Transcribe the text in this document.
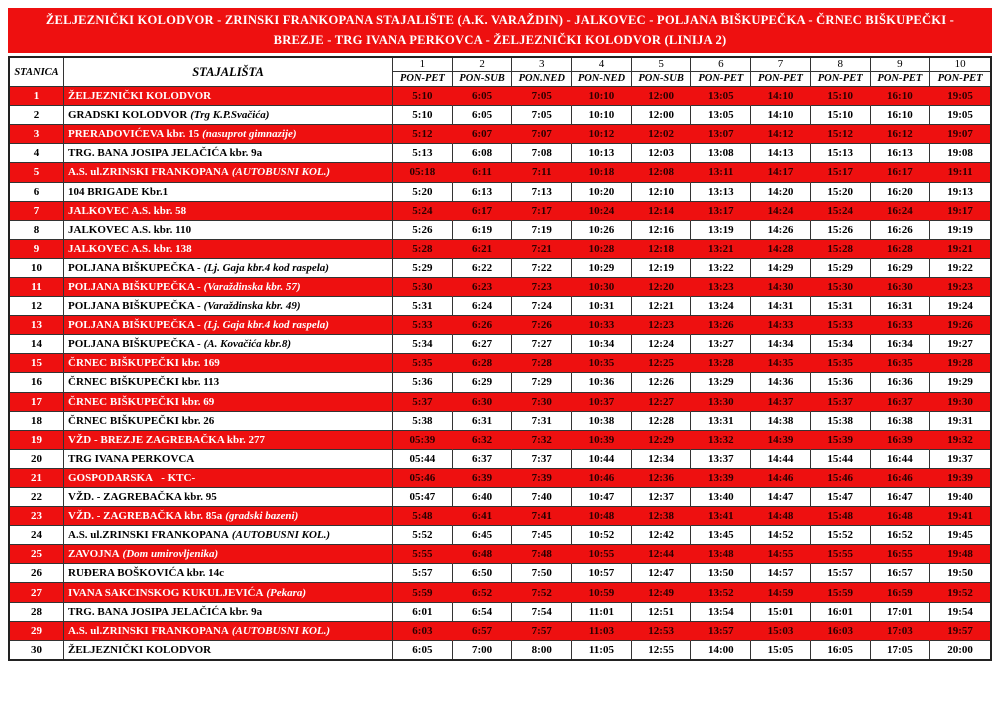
ŽELJEZNIČKI KOLODVOR - ZRINSKI FRANKOPANA STAJALIŠTE (A.K. VARAŽDIN) - JALKOVEC - POLJANA BIŠKUPEČKA - ČRNEC BIŠKUPEČKI - BREZJE - TRG IVANA PERKOVCA - ŽELJEZNIČKI KOLODVOR (LINIJA 2)
STANICA	STAJALIŠTA	1	2	3	4	5	6	7	8	9	10
		PON-PET	PON-SUB	PON.NED	PON-NED	PON-SUB	PON-PET	PON-PET	PON-PET	PON-PET	PON-PET
1	ŽELJEZNIČKI KOLODVOR	5:10	6:05	7:05	10:10	12:00	13:05	14:10	15:10	16:10	19:05
2	GRADSKI KOLODVOR (Trg K.P.Svačića)	5:10	6:05	7:05	10:10	12:00	13:05	14:10	15:10	16:10	19:05
3	PRERADOVIĆEVA kbr. 15 (nasuprot gimnazije)	5:12	6:07	7:07	10:12	12:02	13:07	14:12	15:12	16:12	19:07
4	TRG. BANA JOSIPA JELAČIĆA kbr. 9a	5:13	6:08	7:08	10:13	12:03	13:08	14:13	15:13	16:13	19:08
5	A.S. ul.ZRINSKI FRANKOPANA (AUTOBUSNI KOL.)	05:18	6:11	7:11	10:18	12:08	13:11	14:17	15:17	16:17	19:11
6	104 BRIGADE Kbr.1	5:20	6:13	7:13	10:20	12:10	13:13	14:20	15:20	16:20	19:13
7	JALKOVEC A.S. kbr. 58	5:24	6:17	7:17	10:24	12:14	13:17	14:24	15:24	16:24	19:17
8	JALKOVEC A.S. kbr. 110	5:26	6:19	7:19	10:26	12:16	13:19	14:26	15:26	16:26	19:19
9	JALKOVEC A.S. kbr. 138	5:28	6:21	7:21	10:28	12:18	13:21	14:28	15:28	16:28	19:21
10	POLJANA BIŠKUPEČKA - (Lj. Gaja kbr.4 kod raspela)	5:29	6:22	7:22	10:29	12:19	13:22	14:29	15:29	16:29	19:22
11	POLJANA BIŠKUPEČKA - (Varaždinska kbr. 57)	5:30	6:23	7:23	10:30	12:20	13:23	14:30	15:30	16:30	19:23
12	POLJANA BIŠKUPEČKA - (Varaždinska kbr. 49)	5:31	6:24	7:24	10:31	12:21	13:24	14:31	15:31	16:31	19:24
13	POLJANA BIŠKUPEČKA - (Lj. Gaja kbr.4 kod raspela)	5:33	6:26	7:26	10:33	12:23	13:26	14:33	15:33	16:33	19:26
14	POLJANA BIŠKUPEČKA - (A. Kovačića kbr.8)	5:34	6:27	7:27	10:34	12:24	13:27	14:34	15:34	16:34	19:27
15	ČRNEC BIŠKUPEČKI kbr. 169	5:35	6:28	7:28	10:35	12:25	13:28	14:35	15:35	16:35	19:28
16	ČRNEC BIŠKUPEČKI kbr. 113	5:36	6:29	7:29	10:36	12:26	13:29	14:36	15:36	16:36	19:29
17	ČRNEC BIŠKUPEČKI kbr. 69	5:37	6:30	7:30	10:37	12:27	13:30	14:37	15:37	16:37	19:30
18	ČRNEC BIŠKUPEČKI kbr. 26	5:38	6:31	7:31	10:38	12:28	13:31	14:38	15:38	16:38	19:31
19	VŽD - BREZJE ZAGREBAČKA kbr. 277	05:39	6:32	7:32	10:39	12:29	13:32	14:39	15:39	16:39	19:32
20	TRG IVANA PERKOVCA	05:44	6:37	7:37	10:44	12:34	13:37	14:44	15:44	16:44	19:37
21	GOSPODARSKA   - KTC-	05:46	6:39	7:39	10:46	12:36	13:39	14:46	15:46	16:46	19:39
22	VŽD. - ZAGREBAČKA kbr. 95	05:47	6:40	7:40	10:47	12:37	13:40	14:47	15:47	16:47	19:40
23	VŽD. - ZAGREBAČKA kbr. 85a (gradski bazeni)	5:48	6:41	7:41	10:48	12:38	13:41	14:48	15:48	16:48	19:41
24	A.S. ul.ZRINSKI FRANKOPANA (AUTOBUSNI KOL.)	5:52	6:45	7:45	10:52	12:42	13:45	14:52	15:52	16:52	19:45
25	ZAVOJNA (Dom umirovljenika)	5:55	6:48	7:48	10:55	12:44	13:48	14:55	15:55	16:55	19:48
26	RUĐERA BOŠKOVIĆA kbr. 14c	5:57	6:50	7:50	10:57	12:47	13:50	14:57	15:57	16:57	19:50
27	IVANA SAKCINSKOG KUKULJEVIĆA (Pekara)	5:59	6:52	7:52	10:59	12:49	13:52	14:59	15:59	16:59	19:52
28	TRG. BANA JOSIPA JELAČIĆA kbr. 9a	6:01	6:54	7:54	11:01	12:51	13:54	15:01	16:01	17:01	19:54
29	A.S. ul.ZRINSKI FRANKOPANA (AUTOBUSNI KOL.)	6:03	6:57	7:57	11:03	12:53	13:57	15:03	16:03	17:03	19:57
30	ŽELJEZNIČKI KOLODVOR	6:05	7:00	8:00	11:05	12:55	14:00	15:05	16:05	17:05	20:00
